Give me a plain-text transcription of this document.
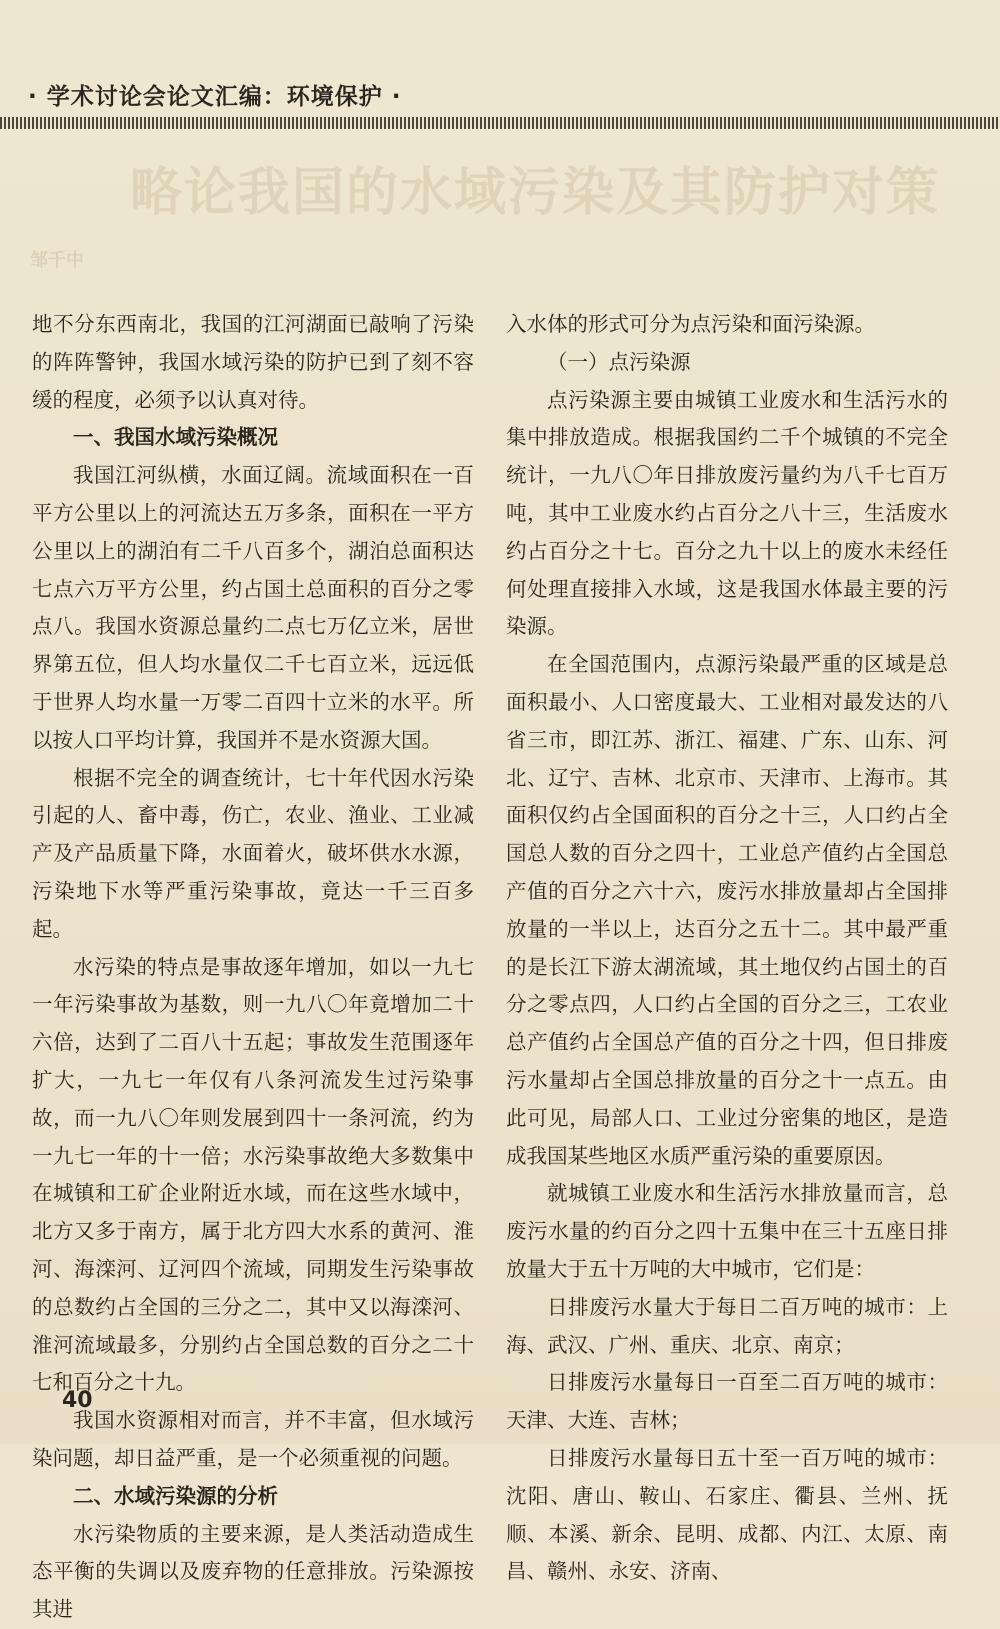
· 学术讨论会论文汇编：环境保护 ·
略论我国的水域污染及其防护对策
邹千中

地不分东西南北，我国的江河湖面已敲响了污染的阵阵警钟，我国水域污染的防护已到了刻不容缓的程度，必须予以认真对待。

一、我国水域污染概况

我国江河纵横，水面辽阔。流域面积在一百平方公里以上的河流达五万多条，面积在一平方公里以上的湖泊有二千八百多个，湖泊总面积达七点六万平方公里，约占国土总面积的百分之零点八。我国水资源总量约二点七万亿立米，居世界第五位，但人均水量仅二千七百立米，远远低于世界人均水量一万零二百四十立米的水平。所以按人口平均计算，我国并不是水资源大国。

根据不完全的调查统计，七十年代因水污染引起的人、畜中毒，伤亡，农业、渔业、工业减产及产品质量下降，水面着火，破坏供水水源，污染地下水等严重污染事故，竟达一千三百多起。

水污染的特点是事故逐年增加，如以一九七一年污染事故为基数，则一九八〇年竟增加二十六倍，达到了二百八十五起；事故发生范围逐年扩大，一九七一年仅有八条河流发生过污染事故，而一九八〇年则发展到四十一条河流，约为一九七一年的十一倍；水污染事故绝大多数集中在城镇和工矿企业附近水域，而在这些水域中，北方又多于南方，属于北方四大水系的黄河、淮河、海滦河、辽河四个流域，同期发生污染事故的总数约占全国的三分之二，其中又以海滦河、淮河流域最多，分别约占全国总数的百分之二十七和百分之十九。

我国水资源相对而言，并不丰富，但水域污染问题，却日益严重，是一个必须重视的问题。

二、水域污染源的分析

水污染物质的主要来源，是人类活动造成生态平衡的失调以及废弃物的任意排放。污染源按其进

入水体的形式可分为点污染和面污染源。

（一）点污染源

点污染源主要由城镇工业废水和生活污水的集中排放造成。根据我国约二千个城镇的不完全统计，一九八〇年日排放废污量约为八千七百万吨，其中工业废水约占百分之八十三，生活废水约占百分之十七。百分之九十以上的废水未经任何处理直接排入水域，这是我国水体最主要的污染源。

在全国范围内，点源污染最严重的区域是总面积最小、人口密度最大、工业相对最发达的八省三市，即江苏、浙江、福建、广东、山东、河北、辽宁、吉林、北京市、天津市、上海市。其面积仅约占全国面积的百分之十三，人口约占全国总人数的百分之四十，工业总产值约占全国总产值的百分之六十六，废污水排放量却占全国排放量的一半以上，达百分之五十二。其中最严重的是长江下游太湖流域，其土地仅约占国土的百分之零点四，人口约占全国的百分之三，工农业总产值约占全国总产值的百分之十四，但日排废污水量却占全国总排放量的百分之十一点五。由此可见，局部人口、工业过分密集的地区，是造成我国某些地区水质严重污染的重要原因。

就城镇工业废水和生活污水排放量而言，总废污水量的约百分之四十五集中在三十五座日排放量大于五十万吨的大中城市，它们是：

日排废污水量大于每日二百万吨的城市：上海、武汉、广州、重庆、北京、南京；

日排废污水量每日一百至二百万吨的城市：天津、大连、吉林；

日排废污水量每日五十至一百万吨的城市：沈阳、唐山、鞍山、石家庄、衢县、兰州、抚顺、本溪、新余、昆明、成都、内江、太原、南昌、赣州、永安、济南、

40
